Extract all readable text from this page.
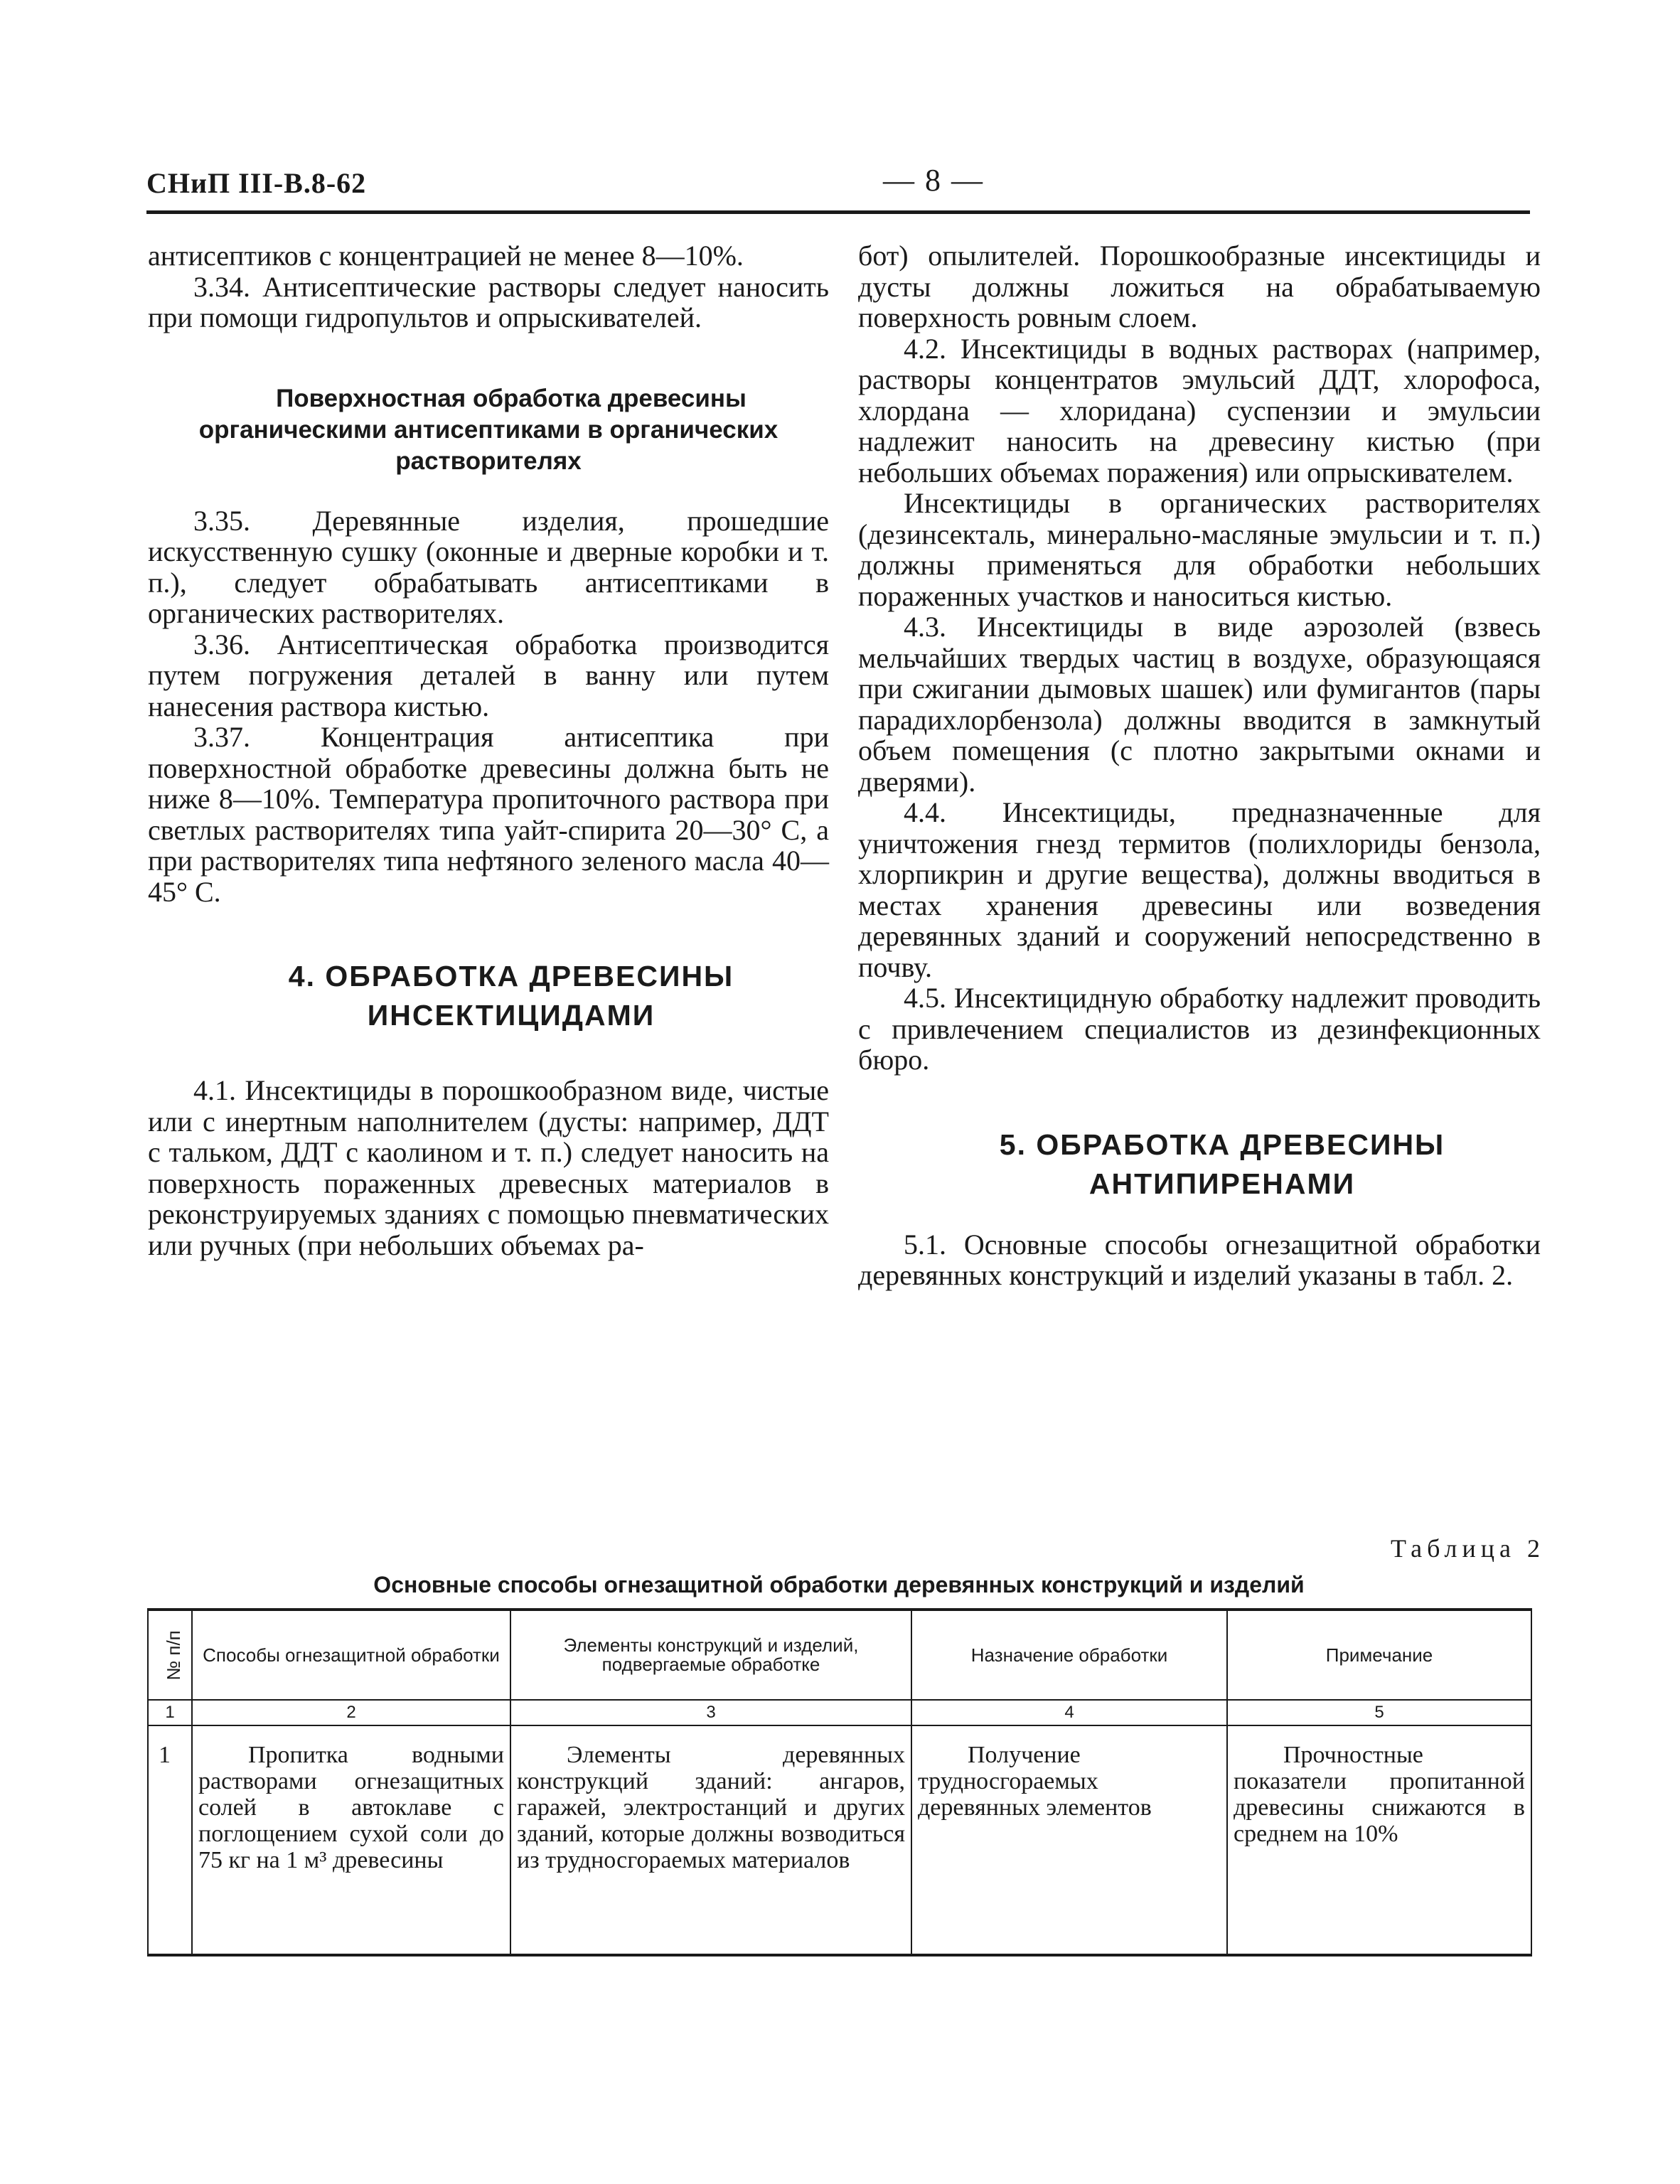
СНиП III-В.8-62	— 8 —

антисептиков с концентрацией не менее 8—10%.

3.34. Антисептические растворы следует наносить при помощи гидропультов и опрыскивателей.

Поверхностная обработка древесины органическими антисептиками в органических растворителях

3.35. Деревянные изделия, прошедшие искусственную сушку (оконные и дверные коробки и т. п.), следует обрабатывать антисептиками в органических растворителях.

3.36. Антисептическая обработка производится путем погружения деталей в ванну или путем нанесения раствора кистью.

3.37. Концентрация антисептика при поверхностной обработке древесины должна быть не ниже 8—10%. Температура пропиточного раствора при светлых растворителях типа уайт-спирита 20—30° С, а при растворителях типа нефтяного зеленого масла 40—45° С.

4. ОБРАБОТКА ДРЕВЕСИНЫ

ИНСЕКТИЦИДАМИ

4.1. Инсектициды в порошкообразном виде, чистые или с инертным наполнителем (дусты: например, ДДТ с тальком, ДДТ с каолином и т. п.) следует наносить на поверхность пораженных древесных материалов в реконструируемых зданиях с помощью пневматических или ручных (при небольших объемах ра-

бот) опылителей. Порошкообразные инсектициды и дусты должны ложиться на обрабатываемую поверхность ровным слоем.

4.2. Инсектициды в водных растворах (например, растворы концентратов эмульсий ДДТ, хлорофоса, хлордана — хлоридана) суспензии и эмульсии надлежит наносить на древесину кистью (при небольших объемах поражения) или опрыскивателем.

Инсектициды в органических растворителях (дезинсекталь, минерально-масляные эмульсии и т. п.) должны применяться для обработки небольших пораженных участков и наноситься кистью.

4.3. Инсектициды в виде аэрозолей (взвесь мельчайших твердых частиц в воздухе, образующаяся при сжигании дымовых шашек) или фумигантов (пары парадихлорбензола) должны вводится в замкнутый объем помещения (с плотно закрытыми окнами и дверями).

4.4. Инсектициды, предназначенные для уничтожения гнезд термитов (полихлориды бензола, хлорпикрин и другие вещества), должны вводиться в местах хранения древесины или возведения деревянных зданий и сооружений непосредственно в почву.

4.5. Инсектицидную обработку надлежит проводить с привлечением специалистов из дезинфекционных бюро.

5. ОБРАБОТКА ДРЕВЕСИНЫ

АНТИПИРЕНАМИ

5.1. Основные способы огнезащитной обработки деревянных конструкций и изделий указаны в табл. 2.

Таблица 2
Основные способы огнезащитной обработки деревянных конструкций и изделий
№ п/п	Способы огнезащитной обработки	Элементы конструкций и изделий, подвергаемые обработке	Назначение обработки	Примечание
1	2	3	4	5
1	Пропитка водными растворами огнезащитных солей в автоклаве с поглощением сухой соли до 75 кг на 1 м³ древесины	Элементы деревянных конструкций зданий: ангаров, гаражей, электростанций и других зданий, которые должны возводиться из трудносгораемых материалов	Получение трудносгораемых деревянных элементов	Прочностные показатели пропитанной древесины снижаются в среднем на 10%
